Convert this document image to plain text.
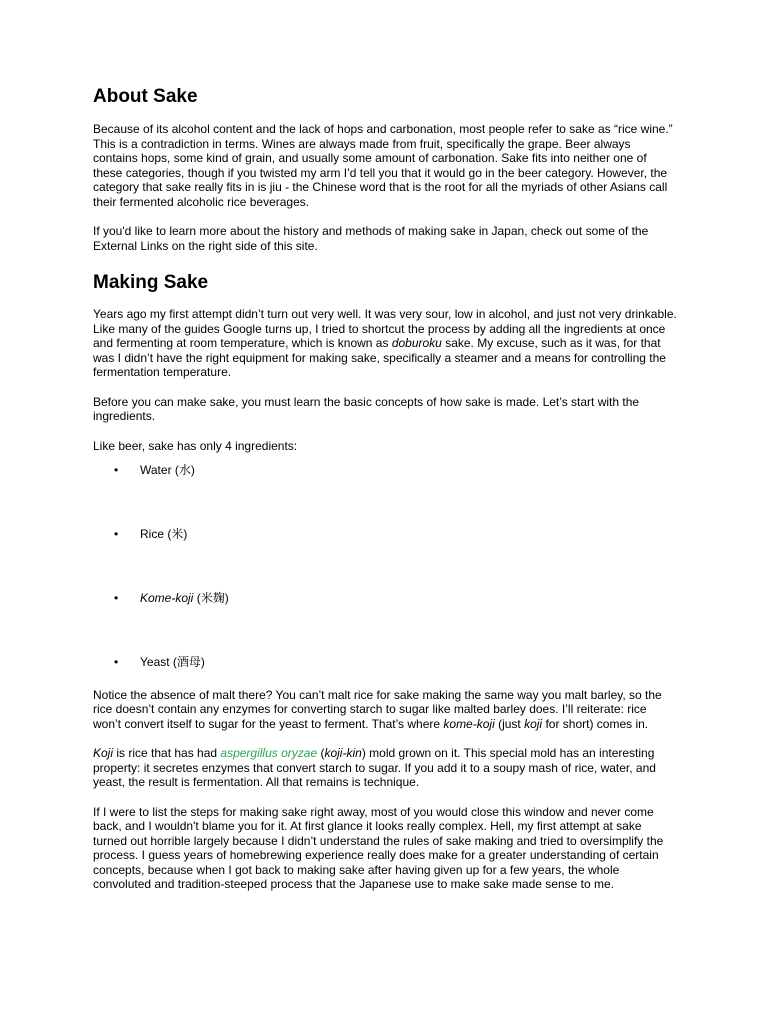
About Sake

Because of its alcohol content and the lack of hops and carbonation, most people refer to sake as “rice wine.” This is a contradiction in terms. Wines are always made from fruit, specifically the grape. Beer always contains hops, some kind of grain, and usually some amount of carbonation. Sake fits into neither one of these categories, though if you twisted my arm I’d tell you that it would go in the beer category. However, the category that sake really fits in is jiu - the Chinese word that is the root for all the myriads of other Asians call their fermented alcoholic rice beverages.

If you'd like to learn more about the history and methods of making sake in Japan, check out some of the External Links on the right side of this site.

Making Sake

Years ago my first attempt didn’t turn out very well. It was very sour, low in alcohol, and just not very drinkable. Like many of the guides Google turns up, I tried to shortcut the process by adding all the ingredients at once and fermenting at room temperature, which is known as doburoku sake. My excuse, such as it was, for that was I didn’t have the right equipment for making sake, specifically a steamer and a means for controlling the fermentation temperature.

Before you can make sake, you must learn the basic concepts of how sake is made. Let’s start with the ingredients.

Like beer, sake has only 4 ingredients:

• Water (水)
• Rice (米)
• Kome-koji (米麹)
• Yeast (酒母)

Notice the absence of malt there? You can’t malt rice for sake making the same way you malt barley, so the rice doesn’t contain any enzymes for converting starch to sugar like malted barley does. I’ll reiterate: rice won’t convert itself to sugar for the yeast to ferment. That’s where kome-koji (just koji for short) comes in.

Koji is rice that has had aspergillus oryzae (koji-kin) mold grown on it. This special mold has an interesting property: it secretes enzymes that convert starch to sugar. If you add it to a soupy mash of rice, water, and yeast, the result is fermentation. All that remains is technique.

If I were to list the steps for making sake right away, most of you would close this window and never come back, and I wouldn't blame you for it. At first glance it looks really complex. Hell, my first attempt at sake turned out horrible largely because I didn’t understand the rules of sake making and tried to oversimplify the process. I guess years of homebrewing experience really does make for a greater understanding of certain concepts, because when I got back to making sake after having given up for a few years, the whole convoluted and tradition-steeped process that the Japanese use to make sake made sense to me.
